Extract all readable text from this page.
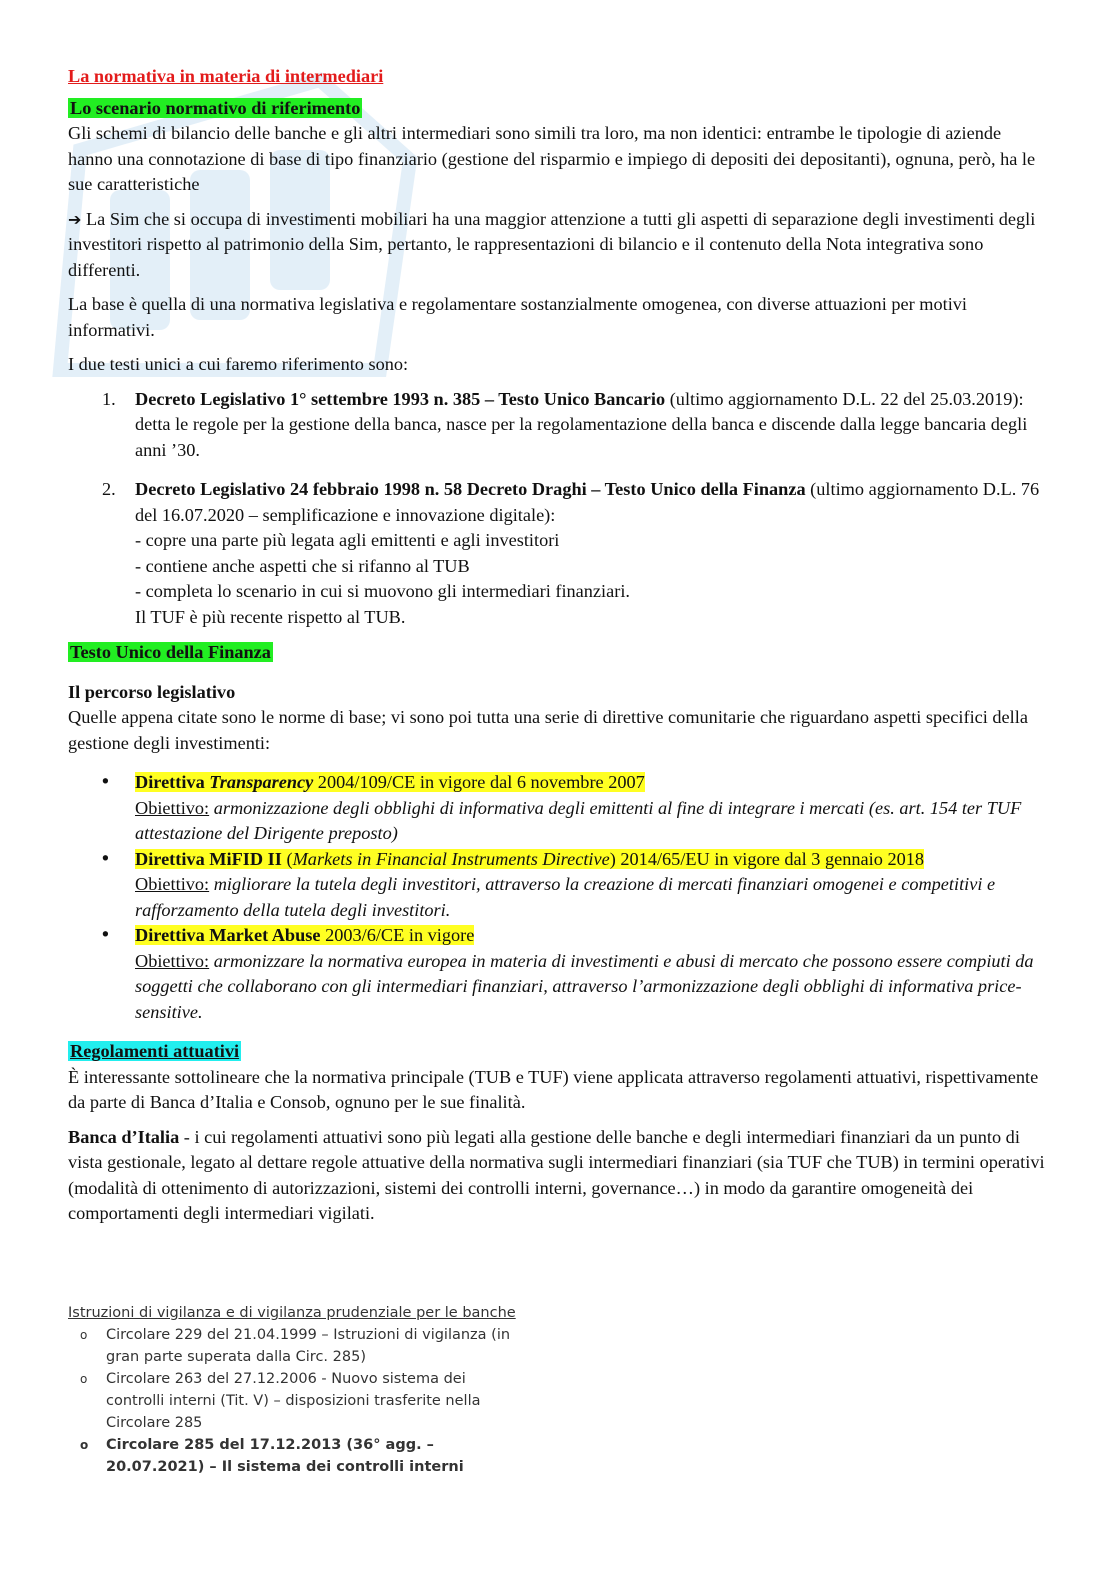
La normativa in materia di intermediari

Lo scenario normativo di riferimento

Gli schemi di bilancio delle banche e gli altri intermediari sono simili tra loro, ma non identici: entrambe le tipologie di aziende hanno una connotazione di base di tipo finanziario (gestione del risparmio e impiego di depositi dei depositanti), ognuna, però, ha le sue caratteristiche

➔ La Sim che si occupa di investimenti mobiliari ha una maggior attenzione a tutti gli aspetti di separazione degli investimenti degli investitori rispetto al patrimonio della Sim, pertanto, le rappresentazioni di bilancio e il contenuto della Nota integrativa sono differenti.

La base è quella di una normativa legislativa e regolamentare sostanzialmente omogenea, con diverse attuazioni per motivi informativi.

I due testi unici a cui faremo riferimento sono:

1. Decreto Legislativo 1° settembre 1993 n. 385 – Testo Unico Bancario (ultimo aggiornamento D.L. 22 del 25.03.2019): detta le regole per la gestione della banca, nasce per la regolamentazione della banca e discende dalla legge bancaria degli anni ’30.
2. Decreto Legislativo 24 febbraio 1998 n. 58 Decreto Draghi – Testo Unico della Finanza (ultimo aggiornamento D.L. 76 del 16.07.2020 – semplificazione e innovazione digitale):
- copre una parte più legata agli emittenti e agli investitori
- contiene anche aspetti che si rifanno al TUB
- completa lo scenario in cui si muovono gli intermediari finanziari.
Il TUF è più recente rispetto al TUB.

Testo Unico della Finanza

Il percorso legislativo

Quelle appena citate sono le norme di base; vi sono poi tutta una serie di direttive comunitarie che riguardano aspetti specifici della gestione degli investimenti:

• Direttiva Transparency 2004/109/CE in vigore dal 6 novembre 2007
Obiettivo: armonizzazione degli obblighi di informativa degli emittenti al fine di integrare i mercati (es. art. 154 ter TUF attestazione del Dirigente preposto)
• Direttiva MiFID II (Markets in Financial Instruments Directive) 2014/65/EU in vigore dal 3 gennaio 2018
Obiettivo: migliorare la tutela degli investitori, attraverso la creazione di mercati finanziari omogenei e competitivi e rafforzamento della tutela degli investitori.
• Direttiva Market Abuse 2003/6/CE in vigore
Obiettivo: armonizzare la normativa europea in materia di investimenti e abusi di mercato che possono essere compiuti da soggetti che collaborano con gli intermediari finanziari, attraverso l’armonizzazione degli obblighi di informativa price- sensitive.

Regolamenti attuativi

È interessante sottolineare che la normativa principale (TUB e TUF) viene applicata attraverso regolamenti attuativi, rispettivamente da parte di Banca d’Italia e Consob, ognuno per le sue finalità.

Banca d’Italia - i cui regolamenti attuativi sono più legati alla gestione delle banche e degli intermediari finanziari da un punto di vista gestionale, legato al dettare regole attuative della normativa sugli intermediari finanziari (sia TUF che TUB) in termini operativi (modalità di ottenimento di autorizzazioni, sistemi dei controlli interni, governance…) in modo da garantire omogeneità dei comportamenti degli intermediari vigilati.

Istruzioni di vigilanza e di vigilanza prudenziale per le banche

o Circolare 229 del 21.04.1999 – Istruzioni di vigilanza (in gran parte superata dalla Circ. 285)
o Circolare 263 del 27.12.2006 - Nuovo sistema dei controlli interni (Tit. V) – disposizioni trasferite nella Circolare 285
o Circolare 285 del 17.12.2013 (36° agg. – 20.07.2021) – Il sistema dei controlli interni
